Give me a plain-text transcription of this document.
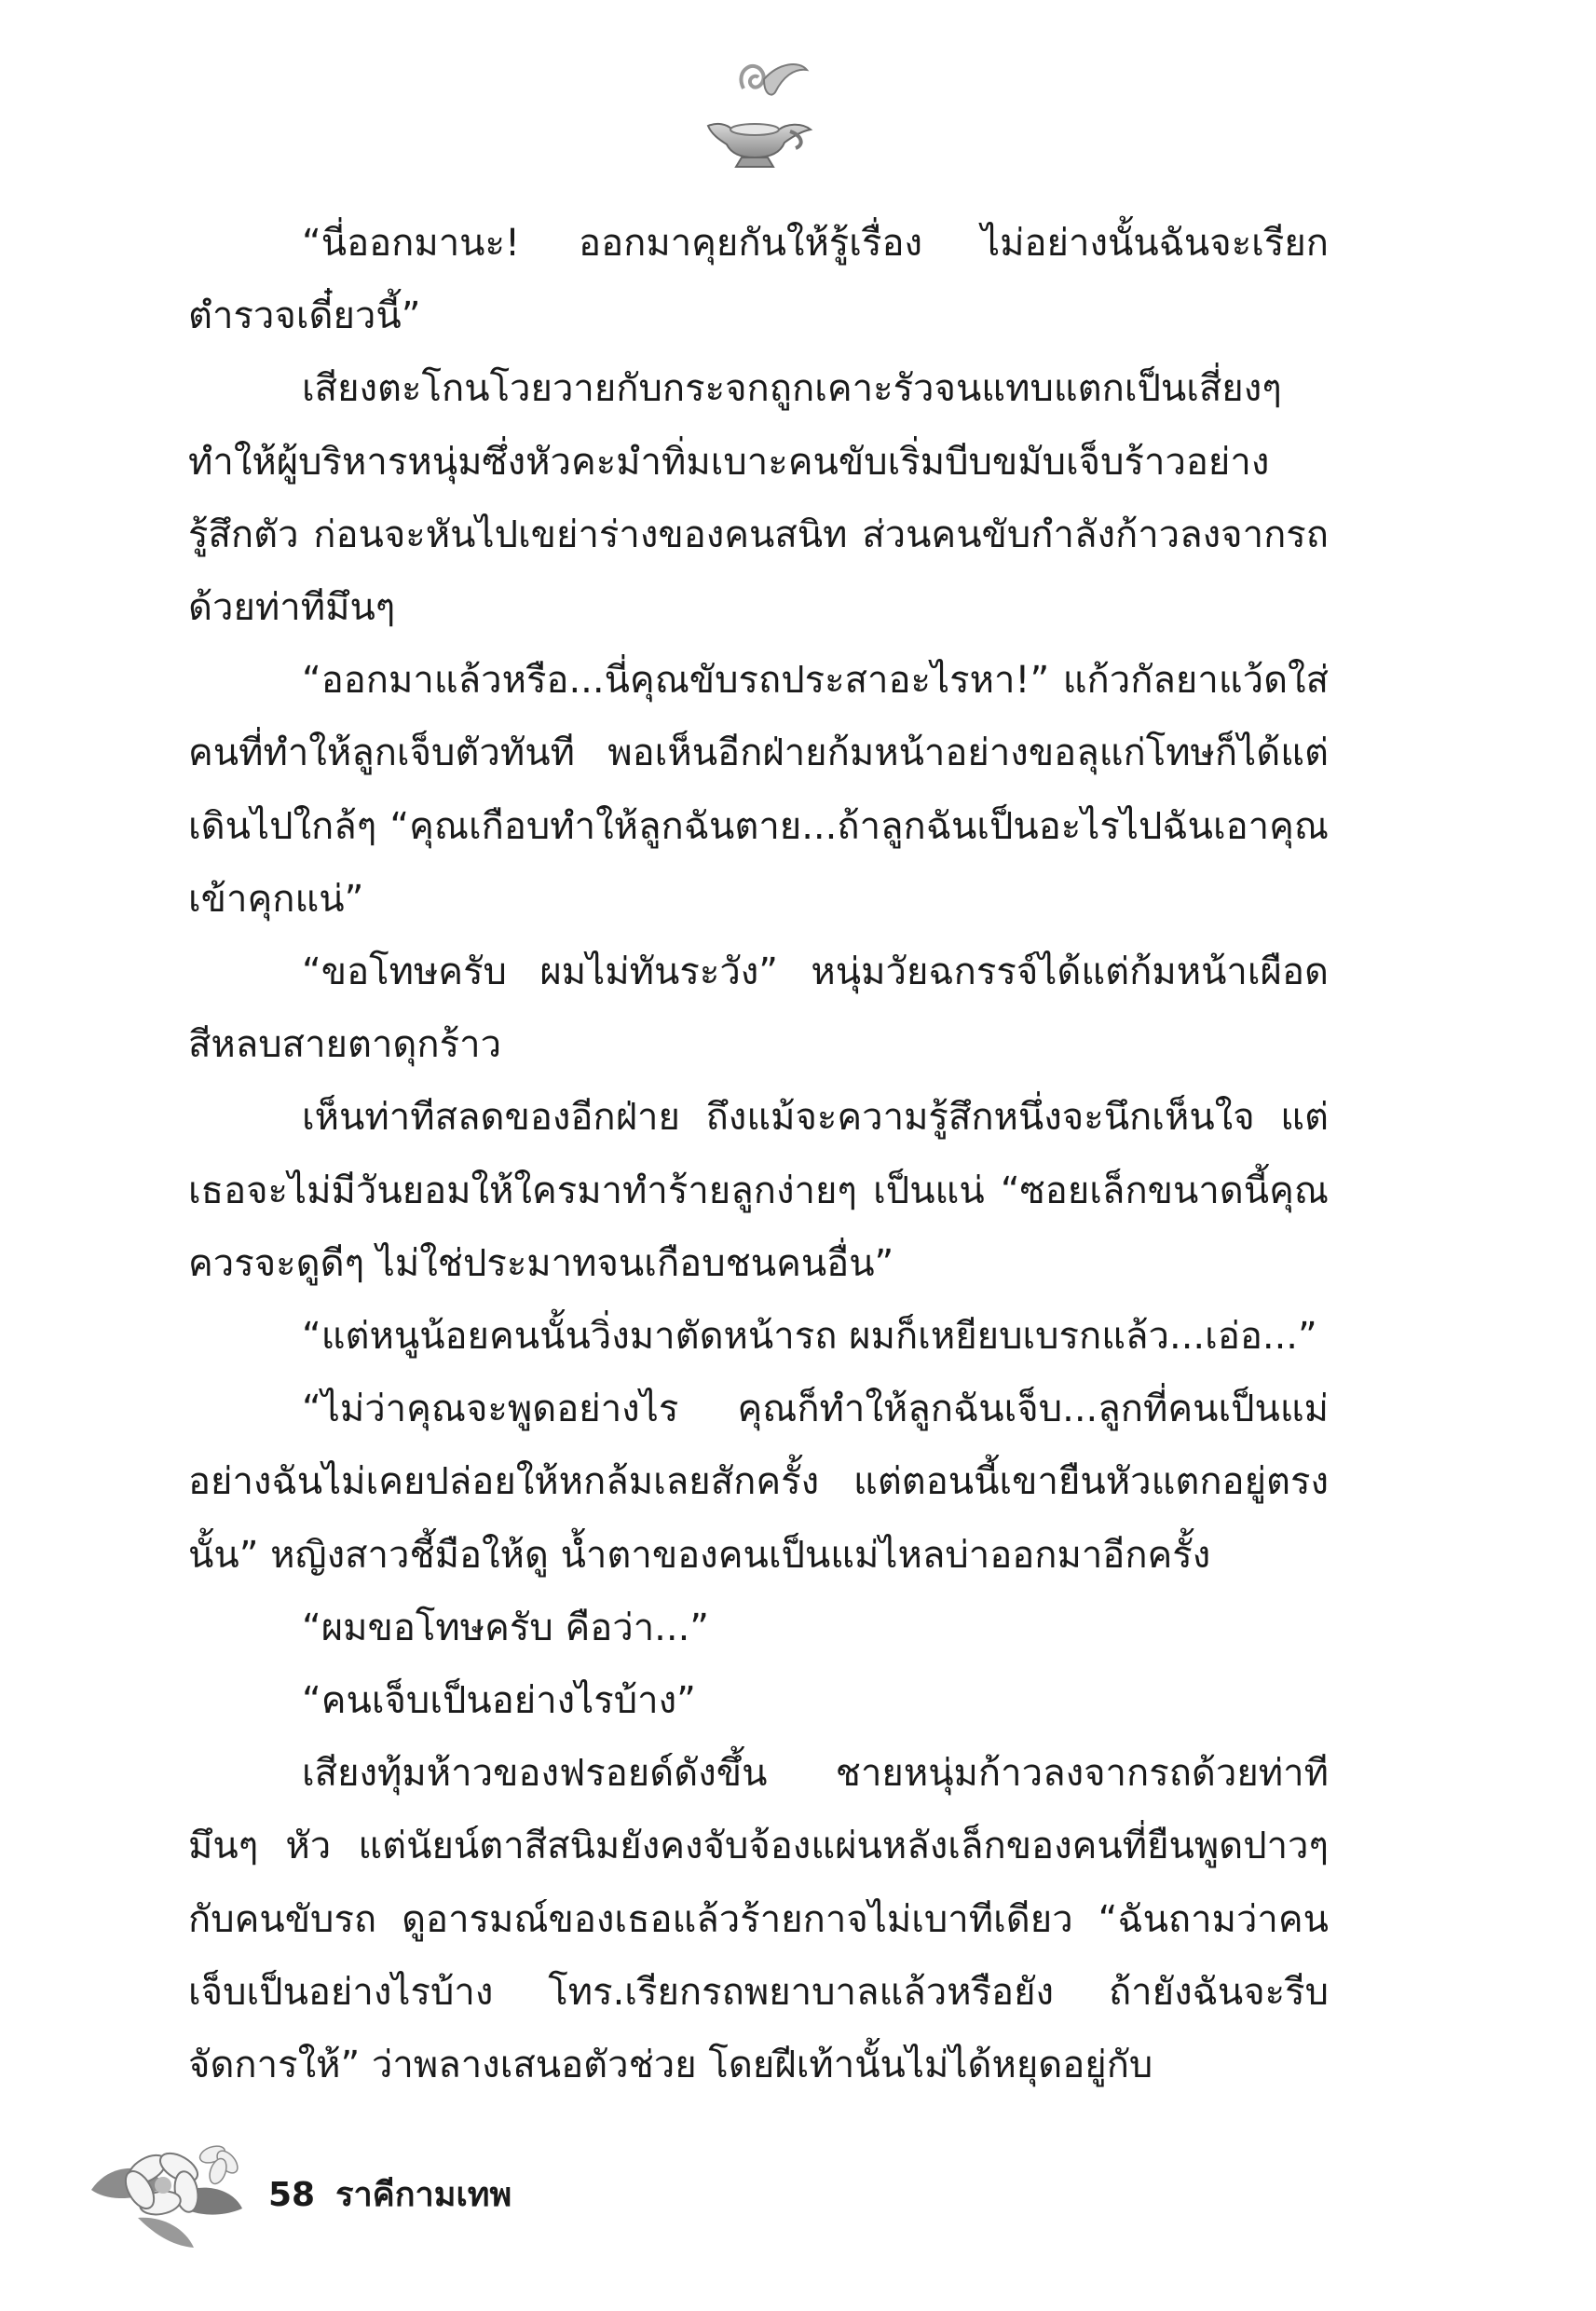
“นี่ออกมานะ! ออกมาคุยกันให้รู้เรื่อง ไม่อย่างนั้นฉันจะเรียกตำรวจเดี๋ยวนี้”

เสียงตะโกนโวยวายกับกระจกถูกเคาะรัวจนแทบแตกเป็นเสี่ยงๆ ทำให้ผู้บริหารหนุ่มซึ่งหัวคะมำทิ่มเบาะคนขับเริ่มบีบขมับเจ็บร้าวอย่างรู้สึกตัว ก่อนจะหันไปเขย่าร่างของคนสนิท ส่วนคนขับกำลังก้าวลงจากรถด้วยท่าทีมึนๆ

“ออกมาแล้วหรือ...นี่คุณขับรถประสาอะไรหา!” แก้วกัลยาแว้ดใส่คนที่ทำให้ลูกเจ็บตัวทันที พอเห็นอีกฝ่ายก้มหน้าอย่างขอลุแก่โทษก็ได้แต่เดินไปใกล้ๆ “คุณเกือบทำให้ลูกฉันตาย...ถ้าลูกฉันเป็นอะไรไปฉันเอาคุณเข้าคุกแน่”

“ขอโทษครับ ผมไม่ทันระวัง” หนุ่มวัยฉกรรจ์ได้แต่ก้มหน้าเผือดสีหลบสายตาดุกร้าว

เห็นท่าทีสลดของอีกฝ่าย ถึงแม้จะความรู้สึกหนึ่งจะนึกเห็นใจ แต่เธอจะไม่มีวันยอมให้ใครมาทำร้ายลูกง่ายๆ เป็นแน่ “ซอยเล็กขนาดนี้คุณควรจะดูดีๆ ไม่ใช่ประมาทจนเกือบชนคนอื่น”

“แต่หนูน้อยคนนั้นวิ่งมาตัดหน้ารถ ผมก็เหยียบเบรกแล้ว...เอ่อ...”

“ไม่ว่าคุณจะพูดอย่างไร คุณก็ทำให้ลูกฉันเจ็บ...ลูกที่คนเป็นแม่อย่างฉันไม่เคยปล่อยให้หกล้มเลยสักครั้ง แต่ตอนนี้เขายืนหัวแตกอยู่ตรงนั้น” หญิงสาวชี้มือให้ดู น้ำตาของคนเป็นแม่ไหลบ่าออกมาอีกครั้ง

“ผมขอโทษครับ คือว่า...”

“คนเจ็บเป็นอย่างไรบ้าง”

เสียงทุ้มห้าวของฟรอยด์ดังขึ้น ชายหนุ่มก้าวลงจากรถด้วยท่าทีมึนๆ หัว แต่นัยน์ตาสีสนิมยังคงจับจ้องแผ่นหลังเล็กของคนที่ยืนพูดปาวๆ กับคนขับรถ ดูอารมณ์ของเธอแล้วร้ายกาจไม่เบาทีเดียว “ฉันถามว่าคนเจ็บเป็นอย่างไรบ้าง โทร.เรียกรถพยาบาลแล้วหรือยัง ถ้ายังฉันจะรีบจัดการให้” ว่าพลางเสนอตัวช่วย โดยฝีเท้านั้นไม่ได้หยุดอยู่กับ

58 ราคีกามเทพ
